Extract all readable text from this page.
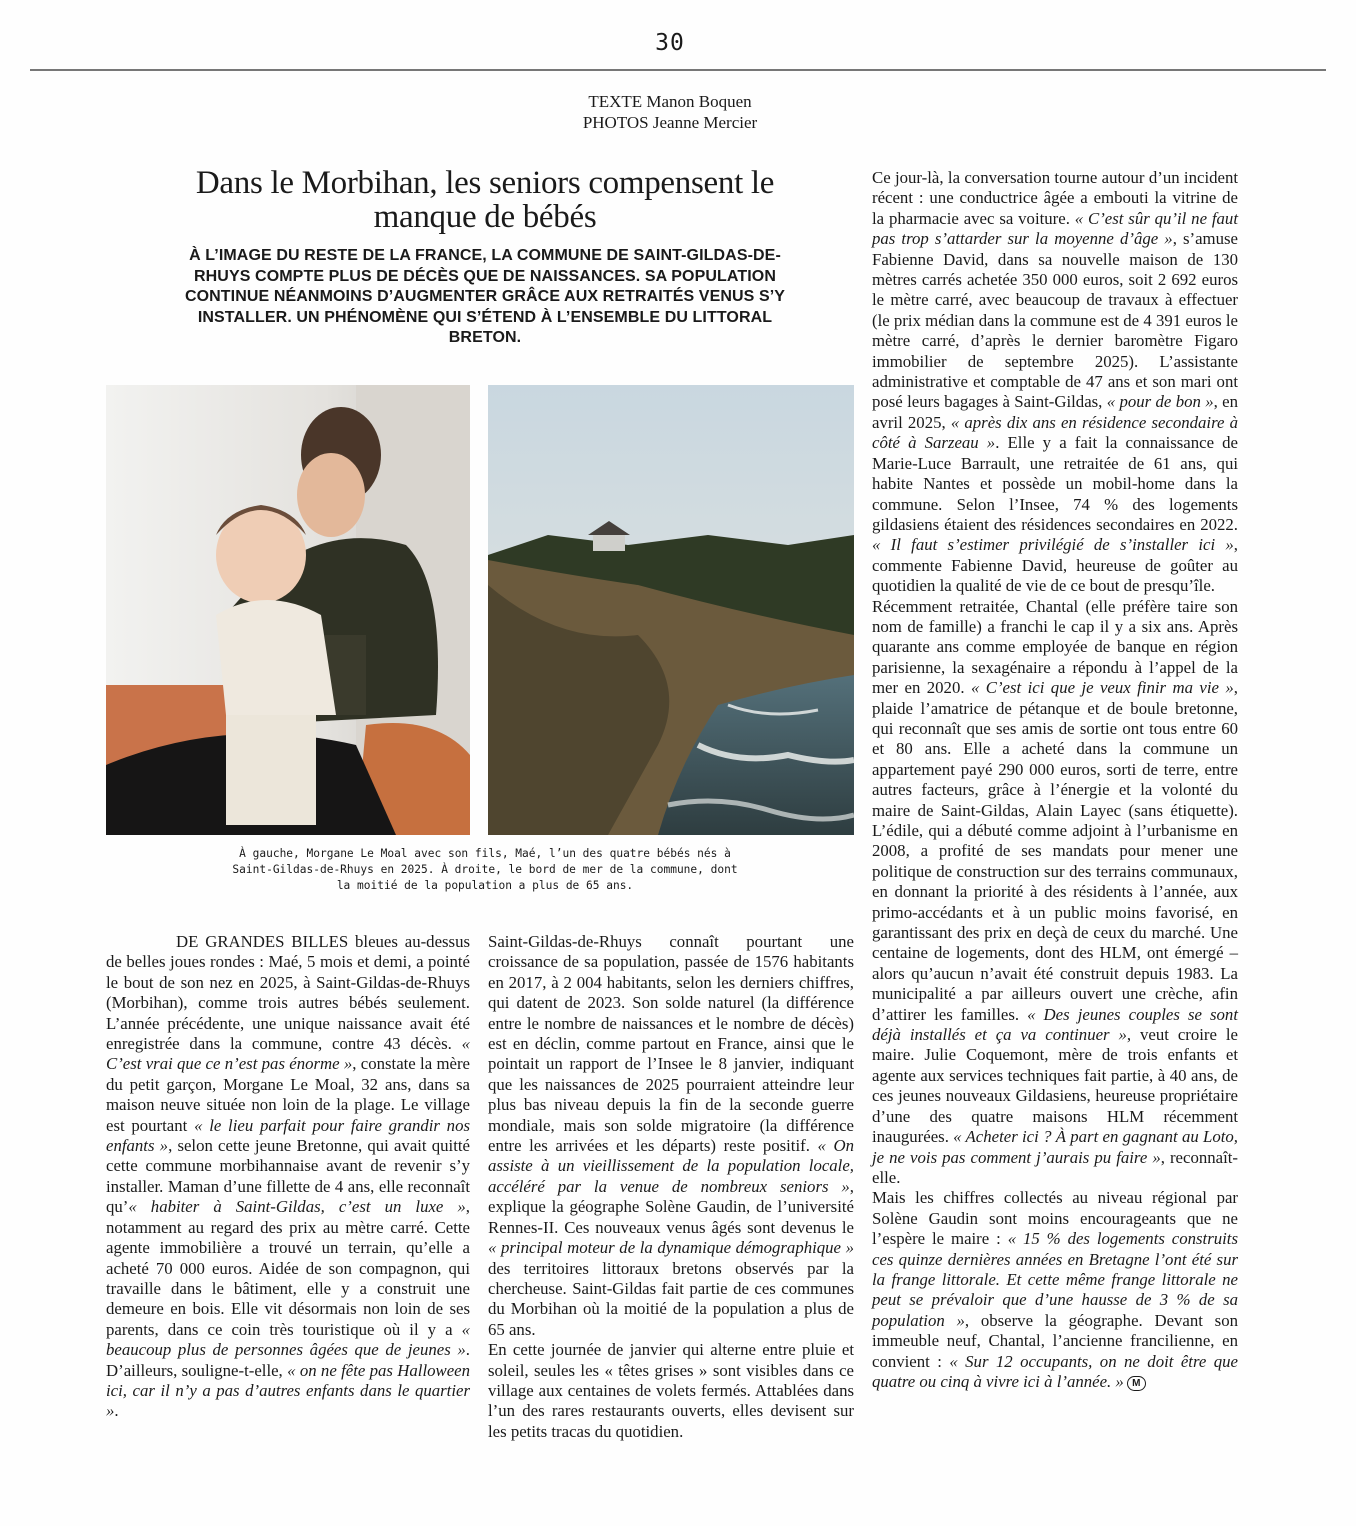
30
TEXTE Manon Boquen
PHOTOS Jeanne Mercier
Dans le Morbihan, les seniors compensent le manque de bébés
À L’IMAGE DU RESTE DE LA FRANCE, LA COMMUNE DE SAINT-GILDAS-DE-RHUYS COMPTE PLUS DE DÉCÈS QUE DE NAISSANCES. SA POPULATION CONTINUE NÉANMOINS D’AUGMENTER GRÂCE AUX RETRAITÉS VENUS S’Y INSTALLER. UN PHÉNOMÈNE QUI S’ÉTEND À L’ENSEMBLE DU LITTORAL BRETON.
À gauche, Morgane Le Moal avec son fils, Maé, l’un des quatre bébés nés à Saint-Gildas-de-Rhuys en 2025. À droite, le bord de mer de la commune, dont la moitié de la population a plus de 65 ans.

DE GRANDES BILLES bleues au-dessus de belles joues rondes : Maé, 5 mois et demi, a pointé le bout de son nez en 2025, à Saint-Gildas-de-Rhuys (Morbihan), comme trois autres bébés seulement. L’année précédente, une unique naissance avait été enregistrée dans la commune, contre 43 décès. « C’est vrai que ce n’est pas énorme », constate la mère du petit garçon, Morgane Le Moal, 32 ans, dans sa maison neuve située non loin de la plage. Le village est pourtant « le lieu parfait pour faire grandir nos enfants », selon cette jeune Bretonne, qui avait quitté cette commune morbihannaise avant de revenir s’y installer. Maman d’une fillette de 4 ans, elle reconnaît qu’« habiter à Saint-Gildas, c’est un luxe », notamment au regard des prix au mètre carré. Cette agente immobilière a trouvé un terrain, qu’elle a acheté 70 000 euros. Aidée de son compagnon, qui travaille dans le bâtiment, elle y a construit une demeure en bois. Elle vit désormais non loin de ses parents, dans ce coin très touristique où il y a « beaucoup plus de personnes âgées que de jeunes ». D’ailleurs, souligne-t-elle, « on ne fête pas Halloween ici, car il n’y a pas d’autres enfants dans le quartier ».

Saint-Gildas-de-Rhuys connaît pourtant une croissance de sa population, passée de 1576 habitants en 2017, à 2 004 habitants, selon les derniers chiffres, qui datent de 2023. Son solde naturel (la différence entre le nombre de naissances et le nombre de décès) est en déclin, comme partout en France, ainsi que le pointait un rapport de l’Insee le 8 janvier, indiquant que les naissances de 2025 pourraient atteindre leur plus bas niveau depuis la fin de la seconde guerre mondiale, mais son solde migratoire (la différence entre les arrivées et les départs) reste positif. « On assiste à un vieillissement de la population locale, accéléré par la venue de nombreux seniors », explique la géographe Solène Gaudin, de l’université Rennes-II. Ces nouveaux venus âgés sont devenus le « principal moteur de la dynamique démographique » des territoires littoraux bretons observés par la chercheuse. Saint-Gildas fait partie de ces communes du Morbihan où la moitié de la population a plus de 65 ans.

En cette journée de janvier qui alterne entre pluie et soleil, seules les « têtes grises » sont visibles dans ce village aux centaines de volets fermés. Attablées dans l’un des rares restaurants ouverts, elles devisent sur les petits tracas du quotidien.

Ce jour-là, la conversation tourne autour d’un incident récent : une conductrice âgée a embouti la vitrine de la pharmacie avec sa voiture. « C’est sûr qu’il ne faut pas trop s’attarder sur la moyenne d’âge », s’amuse Fabienne David, dans sa nouvelle maison de 130 mètres carrés achetée 350 000 euros, soit 2 692 euros le mètre carré, avec beaucoup de travaux à effectuer (le prix médian dans la commune est de 4 391 euros le mètre carré, d’après le dernier baromètre Figaro immobilier de septembre 2025). L’assistante administrative et comptable de 47 ans et son mari ont posé leurs bagages à Saint-Gildas, « pour de bon », en avril 2025, « après dix ans en résidence secondaire à côté à Sarzeau ». Elle y a fait la connaissance de Marie-Luce Barrault, une retraitée de 61 ans, qui habite Nantes et possède un mobil-home dans la commune. Selon l’Insee, 74 % des logements gildasiens étaient des résidences secondaires en 2022. « Il faut s’estimer privilégié de s’installer ici », commente Fabienne David, heureuse de goûter au quotidien la qualité de vie de ce bout de presqu’île.

Récemment retraitée, Chantal (elle préfère taire son nom de famille) a franchi le cap il y a six ans. Après quarante ans comme employée de banque en région parisienne, la sexagénaire a répondu à l’appel de la mer en 2020. « C’est ici que je veux finir ma vie », plaide l’amatrice de pétanque et de boule bretonne, qui reconnaît que ses amis de sortie ont tous entre 60 et 80 ans. Elle a acheté dans la commune un appartement payé 290 000 euros, sorti de terre, entre autres facteurs, grâce à l’énergie et la volonté du maire de Saint-Gildas, Alain Layec (sans étiquette). L’édile, qui a débuté comme adjoint à l’urbanisme en 2008, a profité de ses mandats pour mener une politique de construction sur des terrains communaux, en donnant la priorité à des résidents à l’année, aux primo-accédants et à un public moins favorisé, en garantissant des prix en deçà de ceux du marché. Une centaine de logements, dont des HLM, ont émergé – alors qu’aucun n’avait été construit depuis 1983. La municipalité a par ailleurs ouvert une crèche, afin d’attirer les familles. « Des jeunes couples se sont déjà installés et ça va continuer », veut croire le maire. Julie Coquemont, mère de trois enfants et agente aux services techniques fait partie, à 40 ans, de ces jeunes nouveaux Gildasiens, heureuse propriétaire d’une des quatre maisons HLM récemment inaugurées. « Acheter ici ? À part en gagnant au Loto, je ne vois pas comment j’aurais pu faire », reconnaît-elle.

Mais les chiffres collectés au niveau régional par Solène Gaudin sont moins encourageants que ne l’espère le maire : « 15 % des logements construits ces quinze dernières années en Bretagne l’ont été sur la frange littorale. Et cette même frange littorale ne peut se prévaloir que d’une hausse de 3 % de sa population », observe la géographe. Devant son immeuble neuf, Chantal, l’ancienne francilienne, en convient : « Sur 12 occupants, on ne doit être que quatre ou cinq à vivre ici à l’année. » M
